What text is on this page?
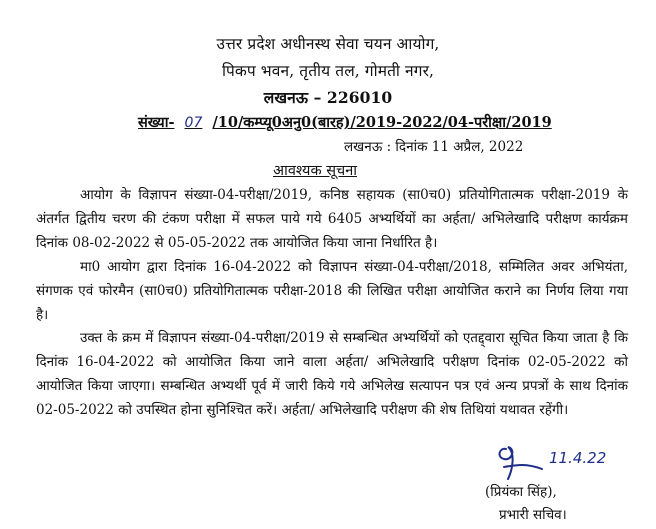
उत्तर प्रदेश अधीनस्थ सेवा चयन आयोग,
पिकप भवन, तृतीय तल, गोमती नगर,
लखनऊ – 226010
संख्या- 07 /10/कम्प्यू0अनु0(बारह)/2019-2022/04-परीक्षा/2019
लखनऊ : दिनांक 11 अप्रैल, 2022
आवश्यक सूचना
आयोग के विज्ञापन संख्या-04-परीक्षा/2019, कनिष्ठ सहायक (सा0च0) प्रतियोगितात्मक परीक्षा-2019 के अंतर्गत द्वितीय चरण की टंकण परीक्षा में सफल पाये गये 6405 अभ्यर्थियों का अर्हता/ अभिलेखादि परीक्षण कार्यक्रम दिनांक 08-02-2022 से 05-05-2022 तक आयोजित किया जाना निर्धारित है।
मा0 आयोग द्वारा दिनांक 16-04-2022 को विज्ञापन संख्या-04-परीक्षा/2018, सम्मिलित अवर अभियंता, संगणक एवं फोरमैन (सा0च0) प्रतियोगितात्मक परीक्षा-2018 की लिखित परीक्षा आयोजित कराने का निर्णय लिया गया है।
उक्त के क्रम में विज्ञापन संख्या-04-परीक्षा/2019 से सम्बन्धित अभ्यर्थियों को एतद्द्वारा सूचित किया जाता है कि दिनांक 16-04-2022 को आयोजित किया जाने वाला अर्हता/ अभिलेखादि परीक्षण दिनांक 02-05-2022 को आयोजित किया जाएगा। सम्बन्धित अभ्यर्थी पूर्व में जारी किये गये अभिलेख सत्यापन पत्र एवं अन्य प्रपत्रों के साथ दिनांक 02-05-2022 को उपस्थित होना सुनिश्चित करें। अर्हता/ अभिलेखादि परीक्षण की शेष तिथियां यथावत रहेंगी।
11.4.22
(प्रियंका सिंह),
प्रभारी सचिव।
